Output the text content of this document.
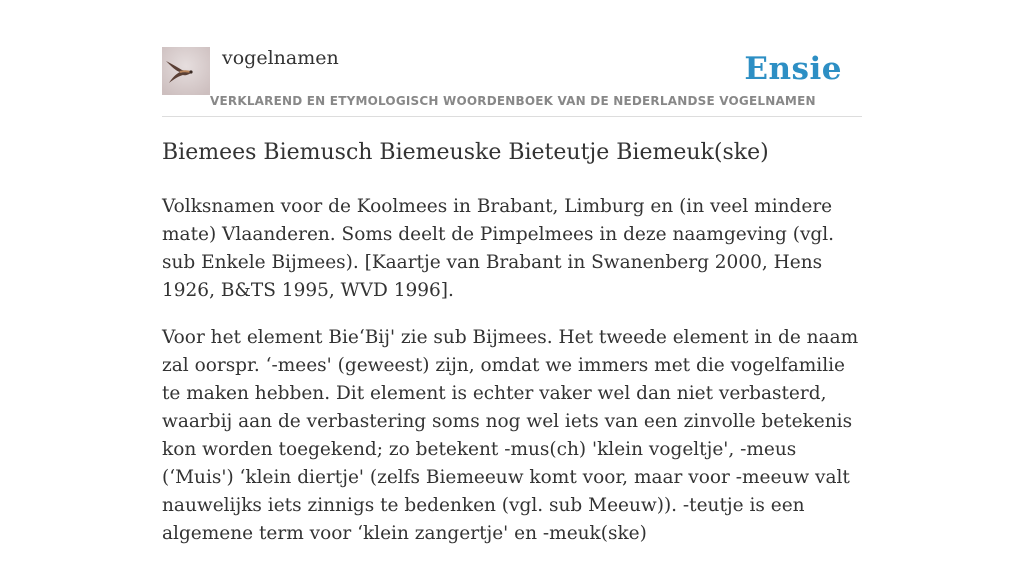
vogelnamen	Ensie
VERKLAREND EN ETYMOLOGISCH WOORDENBOEK VAN DE NEDERLANDSE VOGELNAMEN
Biemees Biemusch Biemeuske Bieteutje Biemeuk(ske)

Volksnamen voor de Koolmees in Brabant, Limburg en (in veel mindere mate) Vlaanderen. Soms deelt de Pimpelmees in deze naamgeving (vgl. sub Enkele Bijmees). [Kaartje van Brabant in Swanenberg 2000, Hens 1926, B&TS 1995, WVD 1996].

Voor het element Bie‘Bij' zie sub Bijmees. Het tweede element in de naam zal oorspr. ‘-mees' (geweest) zijn, omdat we immers met die vogelfamilie te maken hebben. Dit element is echter vaker wel dan niet verbasterd, waarbij aan de verbastering soms nog wel iets van een zinvolle betekenis kon worden toegekend; zo betekent -mus(ch) 'klein vogeltje', -meus (‘Muis') ‘klein diertje' (zelfs Biemeeuw komt voor, maar voor -meeuw valt nauwelijks iets zinnigs te bedenken (vgl. sub Meeuw)). -teutje is een algemene term voor ‘klein zangertje' en -meuk(ske)
